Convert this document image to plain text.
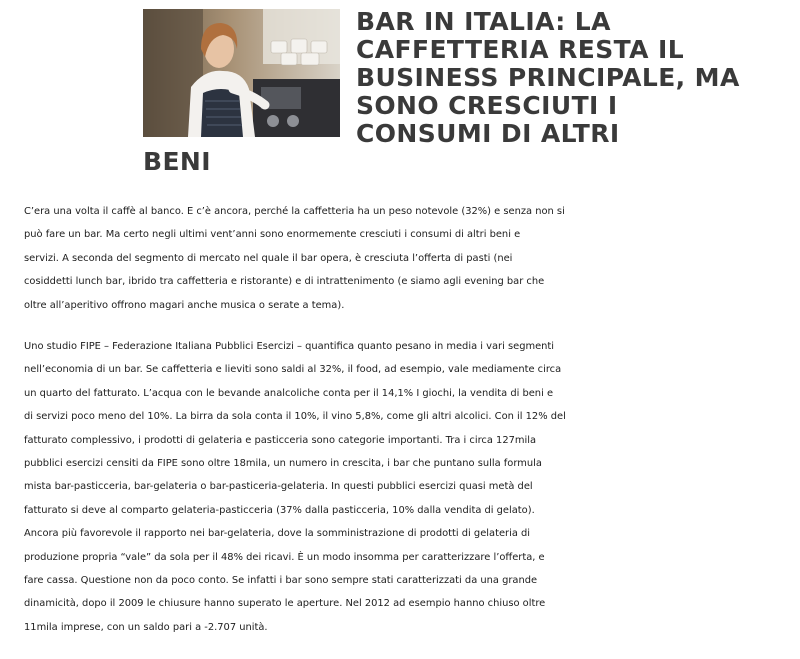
BAR IN ITALIA: LA CAFFETTERIA RESTA IL BUSINESS PRINCIPALE, MA SONO CRESCIUTI I CONSUMI DI ALTRI
BENI

C’era una volta il caffè al banco. E c’è ancora, perché la caffetteria ha un peso notevole (32%) e senza non si
può fare un bar. Ma certo negli ultimi vent’anni sono enormemente cresciuti i consumi di altri beni e
servizi. A seconda del segmento di mercato nel quale il bar opera, è cresciuta l’offerta di pasti (nei
cosiddetti lunch bar, ibrido tra caffetteria e ristorante) e di intrattenimento (e siamo agli evening bar che
oltre all’aperitivo offrono magari anche musica o serate a tema).

Uno studio FIPE – Federazione Italiana Pubblici Esercizi – quantifica quanto pesano in media i vari segmenti
nell’economia di un bar. Se caffetteria e lieviti sono saldi al 32%, il food, ad esempio, vale mediamente circa
un quarto del fatturato. L’acqua con le bevande analcoliche conta per il 14,1% I giochi, la vendita di beni e
di servizi poco meno del 10%. La birra da sola conta il 10%, il vino 5,8%, come gli altri alcolici. Con il 12% del
fatturato complessivo, i prodotti di gelateria e pasticceria sono categorie importanti. Tra i circa 127mila
pubblici esercizi censiti da FIPE sono oltre 18mila, un numero in crescita, i bar che puntano sulla formula
mista bar-pasticceria, bar-gelateria o bar-pasticeria-gelateria. In questi pubblici esercizi quasi metà del
fatturato si deve al comparto gelateria-pasticceria (37% dalla pasticceria, 10% dalla vendita di gelato).
Ancora più favorevole il rapporto nei bar-gelateria, dove la somministrazione di prodotti di gelateria di
produzione propria “vale” da sola per il 48% dei ricavi. È un modo insomma per caratterizzare l’offerta, e
fare cassa. Questione non da poco conto. Se infatti i bar sono sempre stati caratterizzati da una grande
dinamicità, dopo il 2009 le chiusure hanno superato le aperture. Nel 2012 ad esempio hanno chiuso oltre
11mila imprese, con un saldo pari a -2.707 unità.
